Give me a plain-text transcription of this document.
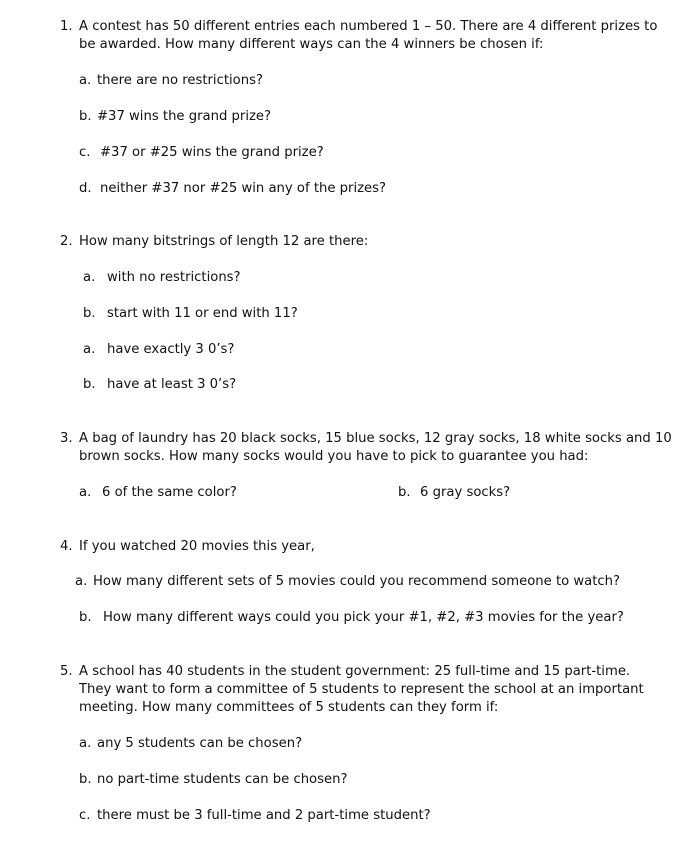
1. A contest has 50 different entries each numbered 1 – 50. There are 4 different prizes to
be awarded. How many different ways can the 4 winners be chosen if:
a. there are no restrictions?
b. #37 wins the grand prize?
c. #37 or #25 wins the grand prize?
d. neither #37 nor #25 win any of the prizes?
2. How many bitstrings of length 12 are there:
a. with no restrictions?
b. start with 11 or end with 11?
a. have exactly 3 0’s?
b. have at least 3 0’s?
3. A bag of laundry has 20 black socks, 15 blue socks, 12 gray socks, 18 white socks and 10
brown socks. How many socks would you have to pick to guarantee you had:
a. 6 of the same color?	b. 6 gray socks?
4. If you watched 20 movies this year,
a. How many different sets of 5 movies could you recommend someone to watch?
b. How many different ways could you pick your #1, #2, #3 movies for the year?
5. A school has 40 students in the student government: 25 full-time and 15 part-time.
They want to form a committee of 5 students to represent the school at an important
meeting. How many committees of 5 students can they form if:
a. any 5 students can be chosen?
b. no part-time students can be chosen?
c. there must be 3 full-time and 2 part-time student?
